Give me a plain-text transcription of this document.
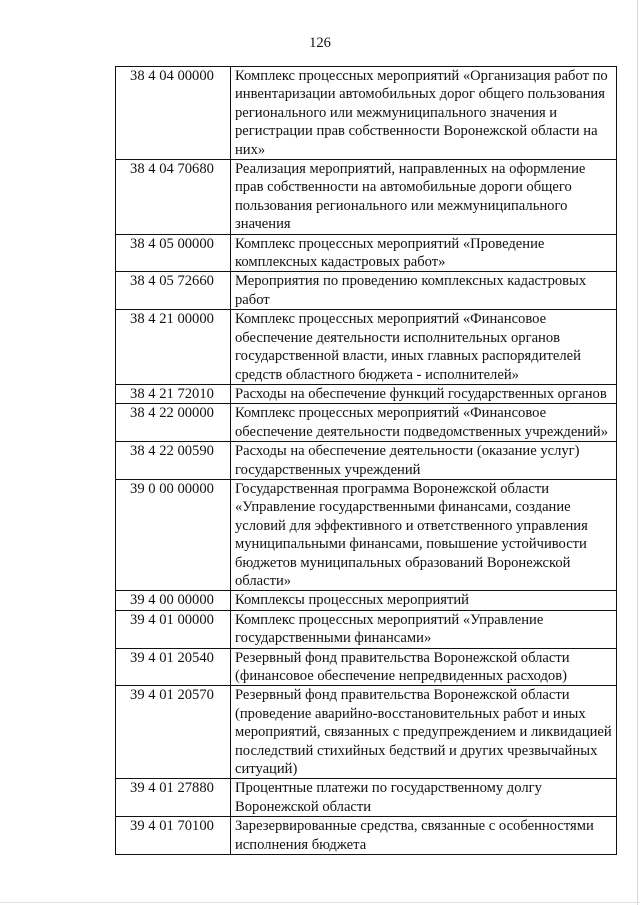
126
38 4 04 00000	Комплекс процессных мероприятий «Организация работ по инвентаризации автомобильных дорог общего пользования регионального или межмуниципального значения и регистрации прав собственности Воронежской области на них»
38 4 04 70680	Реализация мероприятий, направленных на оформление прав собственности на автомобильные дороги общего пользования регионального или межмуниципального значения
38 4 05 00000	Комплекс процессных мероприятий «Проведение комплексных кадастровых работ»
38 4 05 72660	Мероприятия по проведению комплексных кадастровых работ
38 4 21 00000	Комплекс процессных мероприятий «Финансовое обеспечение деятельности исполнительных органов государственной власти, иных главных распорядителей средств областного бюджета - исполнителей»
38 4 21 72010	Расходы на обеспечение функций государственных органов
38 4 22 00000	Комплекс процессных мероприятий «Финансовое обеспечение деятельности подведомственных учреждений»
38 4 22 00590	Расходы на обеспечение деятельности (оказание услуг) государственных учреждений
39 0 00 00000	Государственная программа Воронежской области «Управление государственными финансами, создание условий для эффективного и ответственного управления муниципальными финансами, повышение устойчивости бюджетов муниципальных образований Воронежской области»
39 4 00 00000	Комплексы процессных мероприятий
39 4 01 00000	Комплекс процессных мероприятий «Управление государственными финансами»
39 4 01 20540	Резервный фонд правительства Воронежской области (финансовое обеспечение непредвиденных расходов)
39 4 01 20570	Резервный фонд правительства Воронежской области (проведение аварийно-восстановительных работ и иных мероприятий, связанных с предупреждением и ликвидацией последствий стихийных бедствий и других чрезвычайных ситуаций)
39 4 01 27880	Процентные платежи по государственному долгу Воронежской области
39 4 01 70100	Зарезервированные средства, связанные с особенностями исполнения бюджета
